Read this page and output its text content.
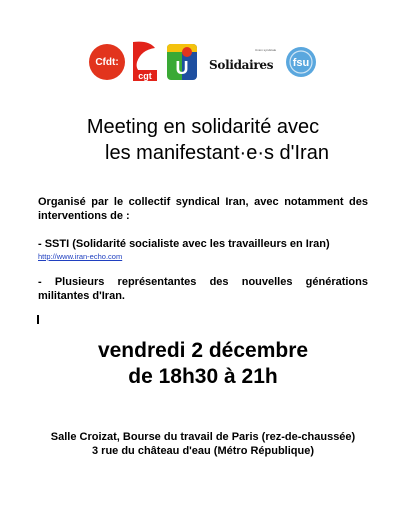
Cfdt:
cgt U
Union syndicale
Solidaires fsu
Meeting en solidarité avec
les manifestant·e·s d'Iran
Organisé par le collectif syndical Iran, avec notamment des interventions de :
- SSTI (Solidarité socialiste avec les travailleurs en Iran)
http://www.iran-echo.com
- Plusieurs représentantes des nouvelles générations militantes d'Iran.
vendredi 2 décembre
de 18h30 à 21h
Salle Croizat, Bourse du travail de Paris (rez-de-chaussée)
3 rue du château d'eau (Métro République)
